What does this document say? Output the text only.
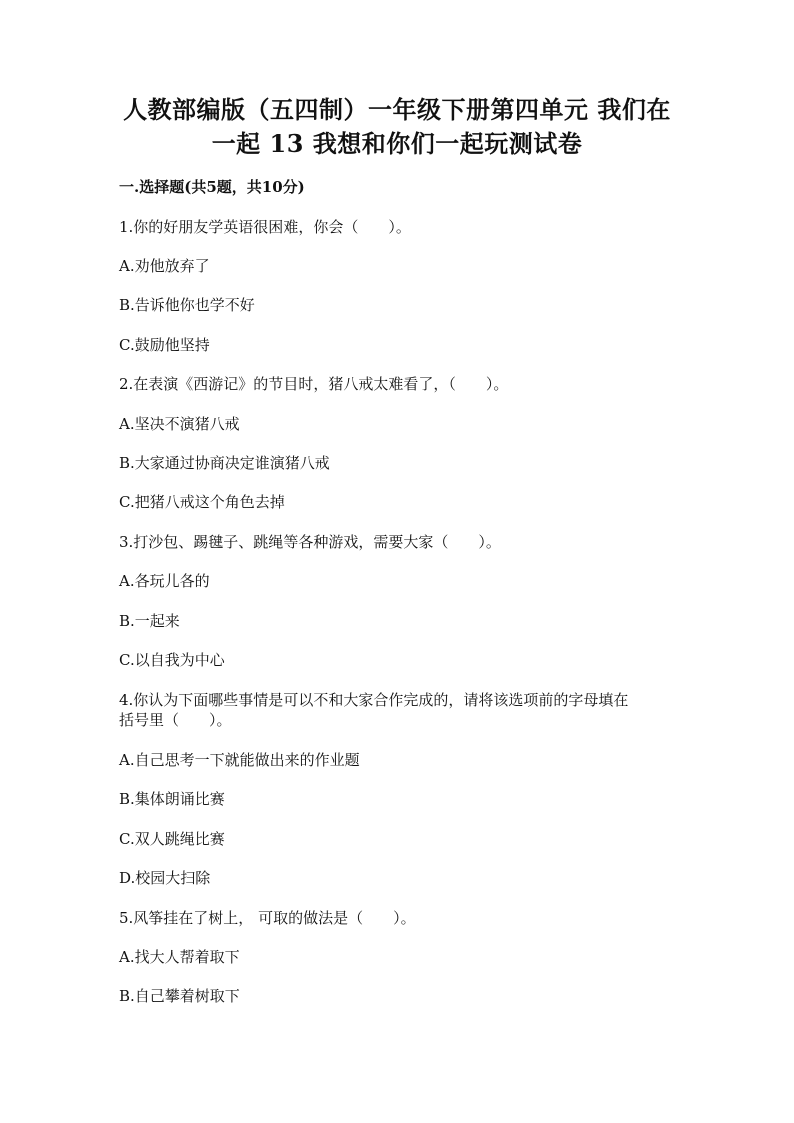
人教部编版（五四制）一年级下册第四单元 我们在
一起 13 我想和你们一起玩测试卷
一.选择题(共5题，共10分)
1.你的好朋友学英语很困难，你会（　　）。
A.劝他放弃了
B.告诉他你也学不好
C.鼓励他坚持
2.在表演《西游记》的节目时，猪八戒太难看了，（　　）。
A.坚决不演猪八戒
B.大家通过协商决定谁演猪八戒
C.把猪八戒这个角色去掉
3.打沙包、踢毽子、跳绳等各种游戏，需要大家（　　）。
A.各玩儿各的
B.一起来
C.以自我为中心
4.你认为下面哪些事情是可以不和大家合作完成的，请将该选项前的字母填在
括号里（　　）。
A.自己思考一下就能做出来的作业题
B.集体朗诵比赛
C.双人跳绳比赛
D.校园大扫除
5.风筝挂在了树上， 可取的做法是（　　）。
A.找大人帮着取下
B.自己攀着树取下
